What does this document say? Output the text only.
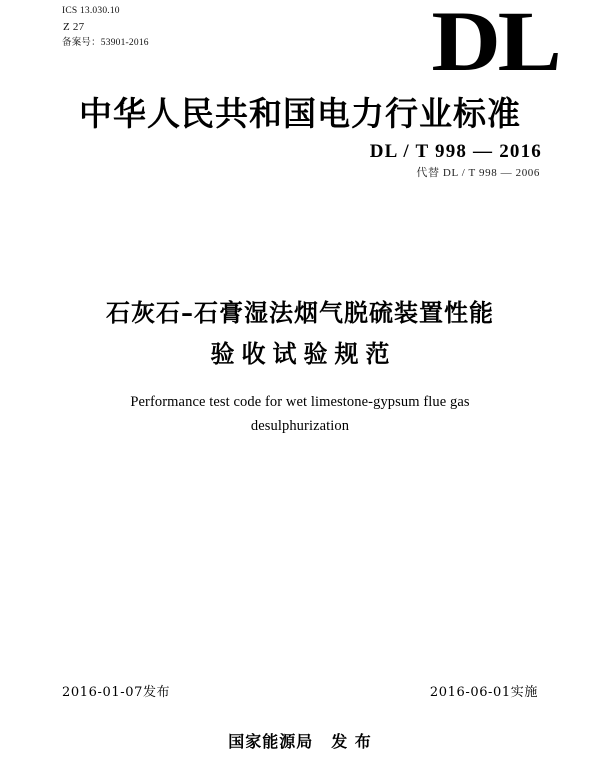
ICS 13.030.10
Z 27
备案号：53901-2016	DL
中华人民共和国电力行业标准
DL / T 998 — 2016
代替 DL / T 998 — 2006
石灰石–石膏湿法烟气脱硫装置性能
验收试验规范
Performance test code for wet limestone-gypsum flue gas
desulphurization
2016-01-07发布	2016-06-01实施
国家能源局 发 布
